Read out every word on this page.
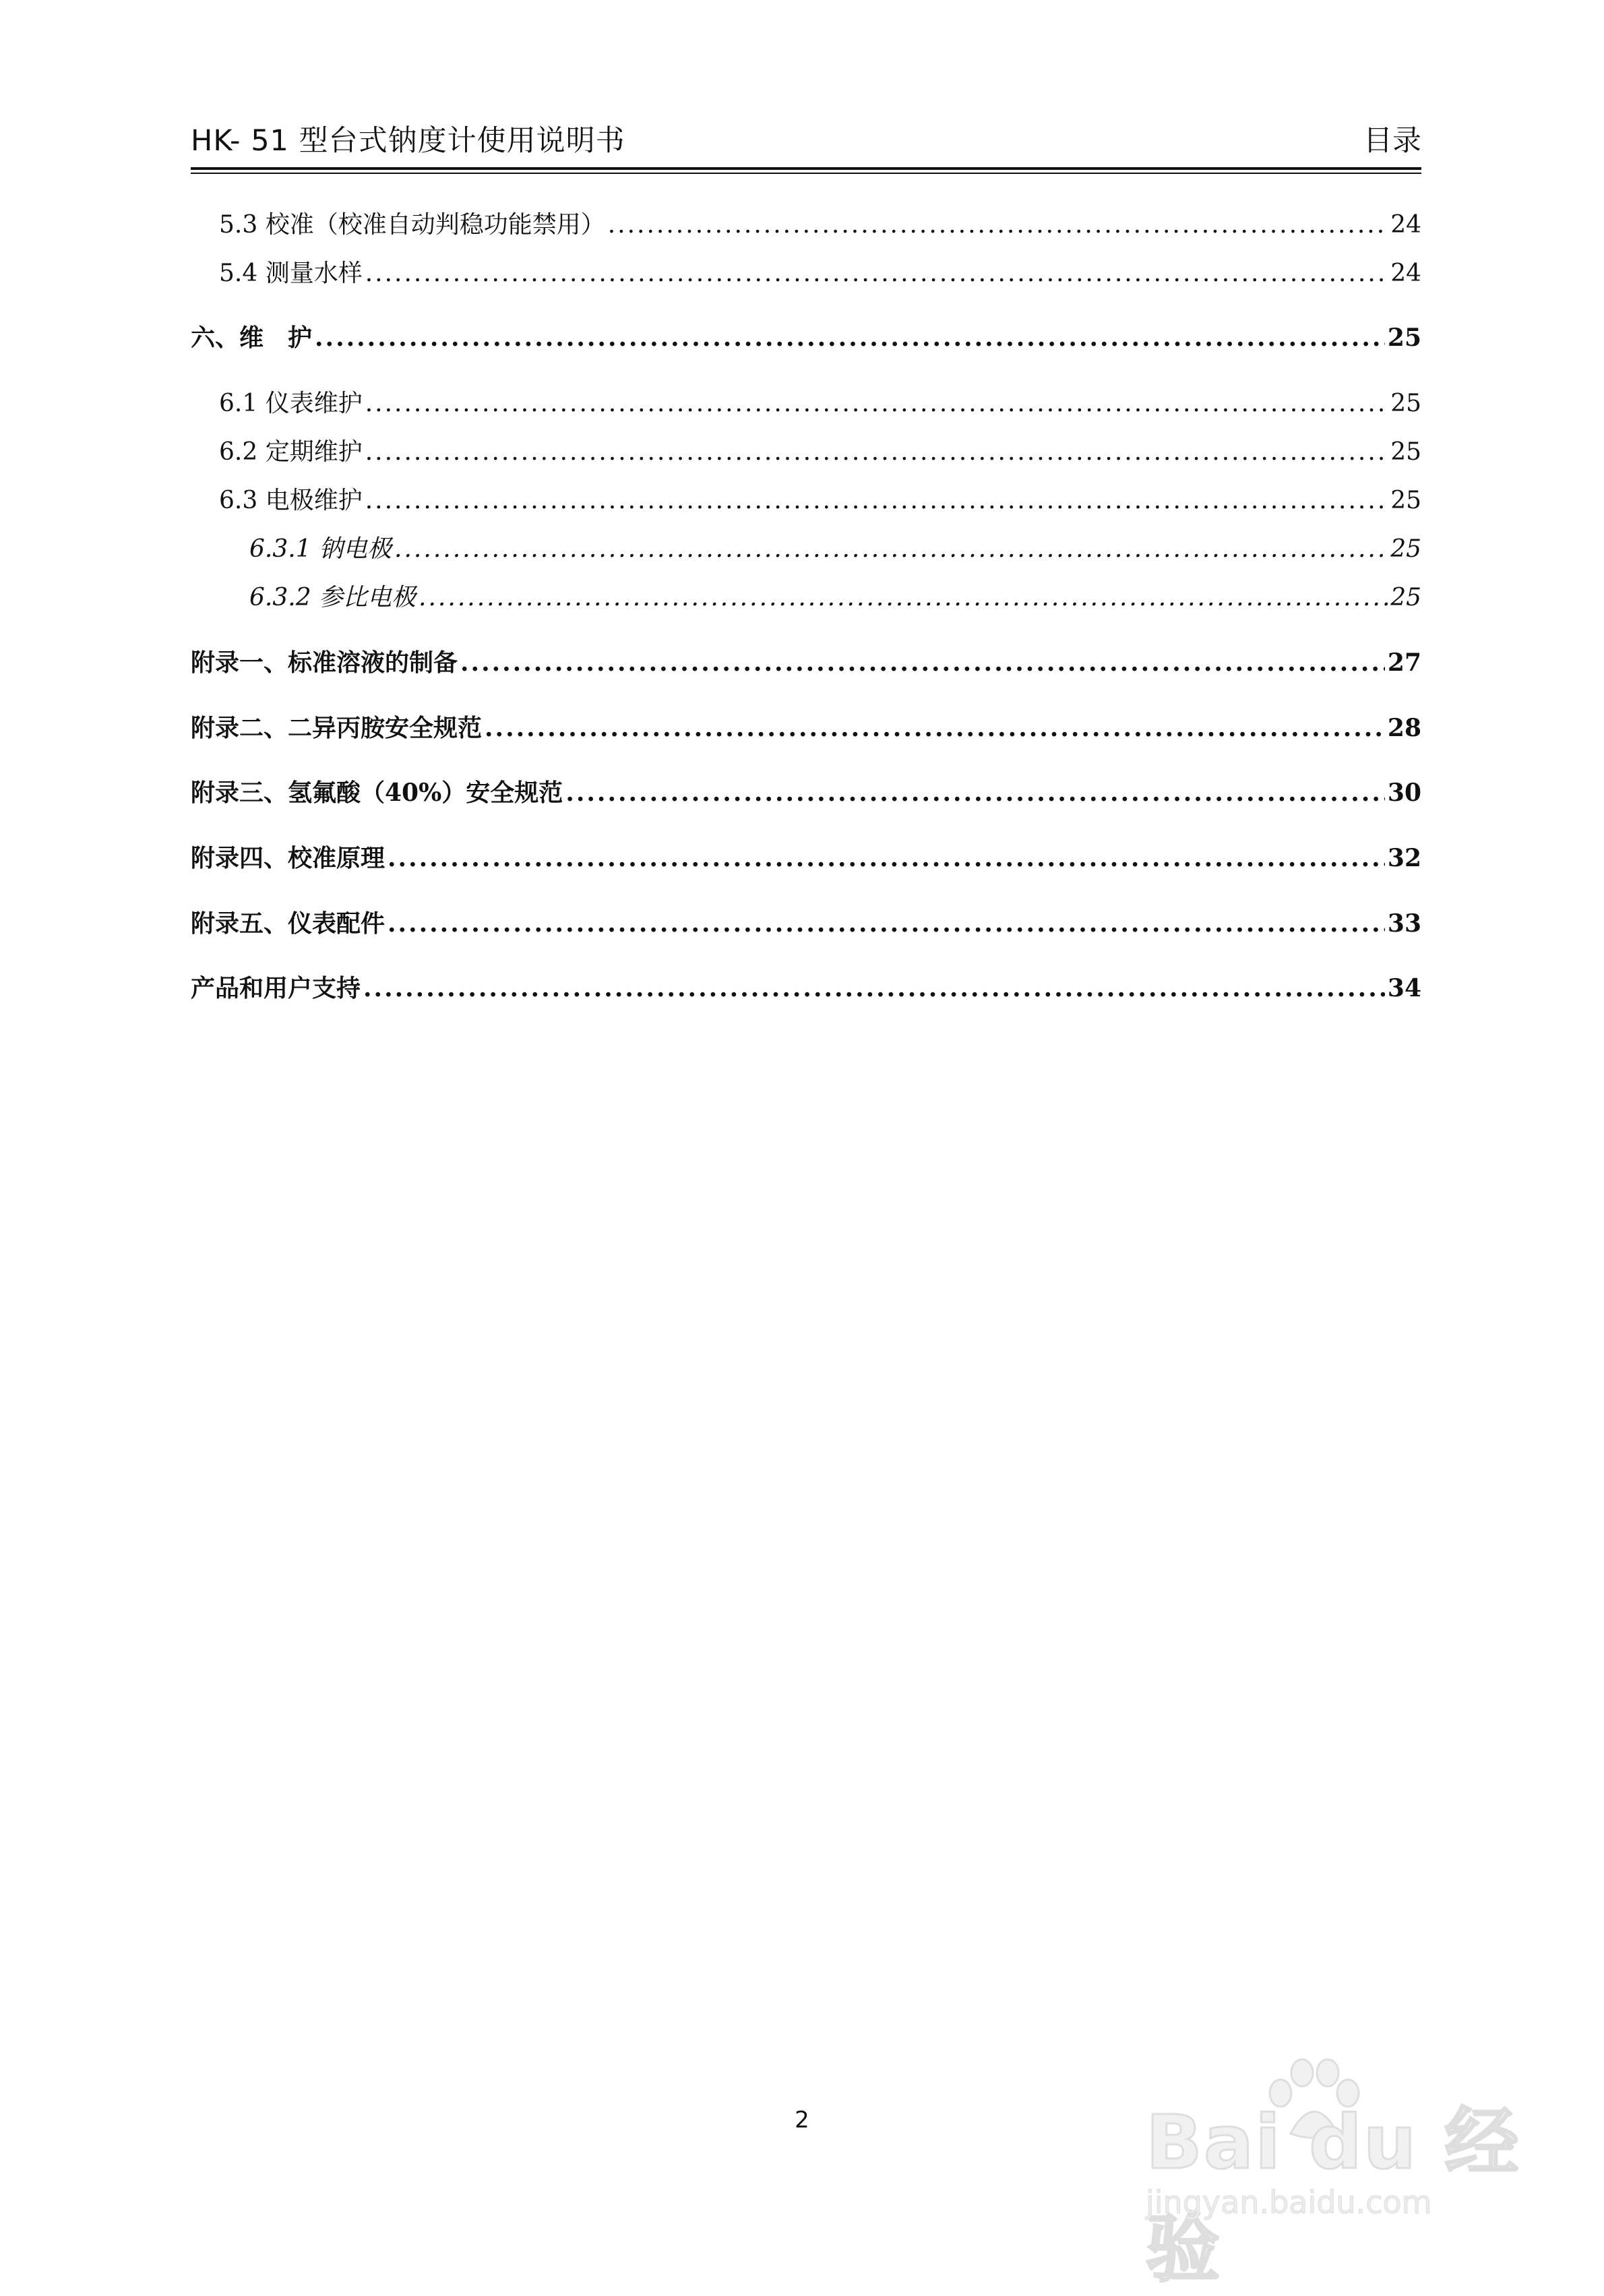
HK- 51 型台式钠度计使用说明书	目录
5.3 校准（校准自动判稳功能禁用） .....	24
5.4 测量水样 .....	24
六、维　护 .....	25
6.1 仪表维护 .....	25
6.2 定期维护 .....	25
6.3 电极维护 .....	25
6.3.1 钠电极 .....	25
6.3.2 参比电极 .....	25
附录一、标准溶液的制备 .....	27
附录二、二异丙胺安全规范 .....	28
附录三、氢氟酸（40%）安全规范 .....	30
附录四、校准原理 .....	32
附录五、仪表配件 .....	33
产品和用户支持 .....	34
2	Bai du 经验
jingyan.baidu.com
